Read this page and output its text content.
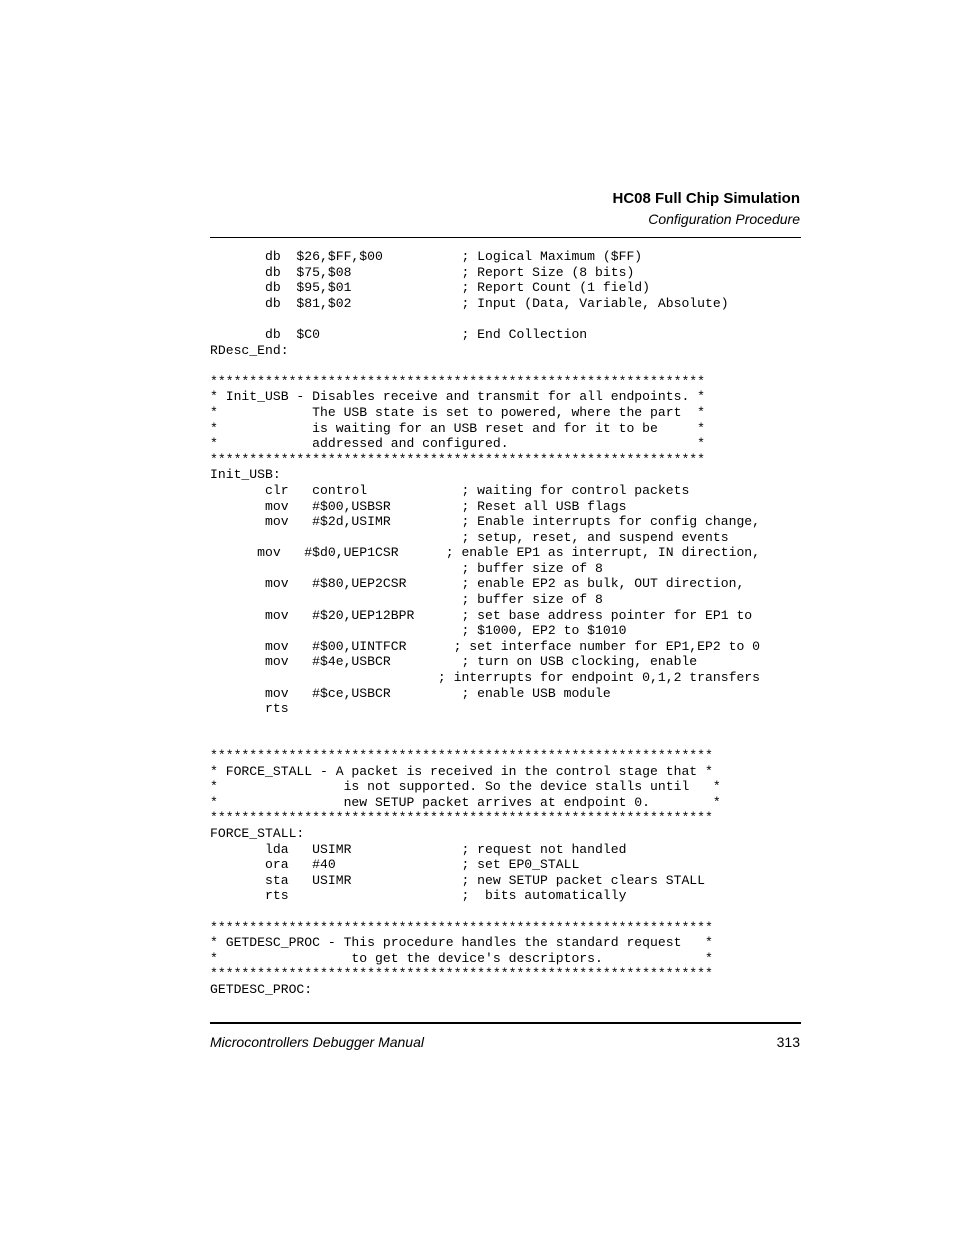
HC08 Full Chip Simulation
Configuration Procedure
db  $26,$FF,$00          ; Logical Maximum ($FF)
db  $75,$08              ; Report Size (8 bits)
db  $95,$01              ; Report Count (1 field)
db  $81,$02              ; Input (Data, Variable, Absolute)
db  $C0                  ; End Collection
RDesc_End:
***************************************************************
* Init_USB - Disables receive and transmit for all endpoints. *
*            The USB state is set to powered, where the part  *
*            is waiting for an USB reset and for it to be     *
*            addressed and configured.                        *
***************************************************************
Init_USB:
clr   control            ; waiting for control packets
mov   #$00,USBSR         ; Reset all USB flags
mov   #$2d,USIMR         ; Enable interrupts for config change,
; setup, reset, and suspend events
mov   #$d0,UEP1CSR      ; enable EP1 as interrupt, IN direction,
; buffer size of 8
mov   #$80,UEP2CSR       ; enable EP2 as bulk, OUT direction,
; buffer size of 8
mov   #$20,UEP12BPR      ; set base address pointer for EP1 to
; $1000, EP2 to $1010
mov   #$00,UINTFCR      ; set interface number for EP1,EP2 to 0
mov   #$4e,USBCR         ; turn on USB clocking, enable
; interrupts for endpoint 0,1,2 transfers
mov   #$ce,USBCR         ; enable USB module
rts
****************************************************************
* FORCE_STALL - A packet is received in the control stage that *
*                is not supported. So the device stalls until   *
*                new SETUP packet arrives at endpoint 0.        *
****************************************************************
FORCE_STALL:
lda   USIMR              ; request not handled
ora   #40                ; set EP0_STALL
sta   USIMR              ; new SETUP packet clears STALL
rts                      ;  bits automatically
****************************************************************
* GETDESC_PROC - This procedure handles the standard request   *
*                 to get the device's descriptors.             *
****************************************************************
GETDESC_PROC:
Microcontrollers Debugger Manual	313
